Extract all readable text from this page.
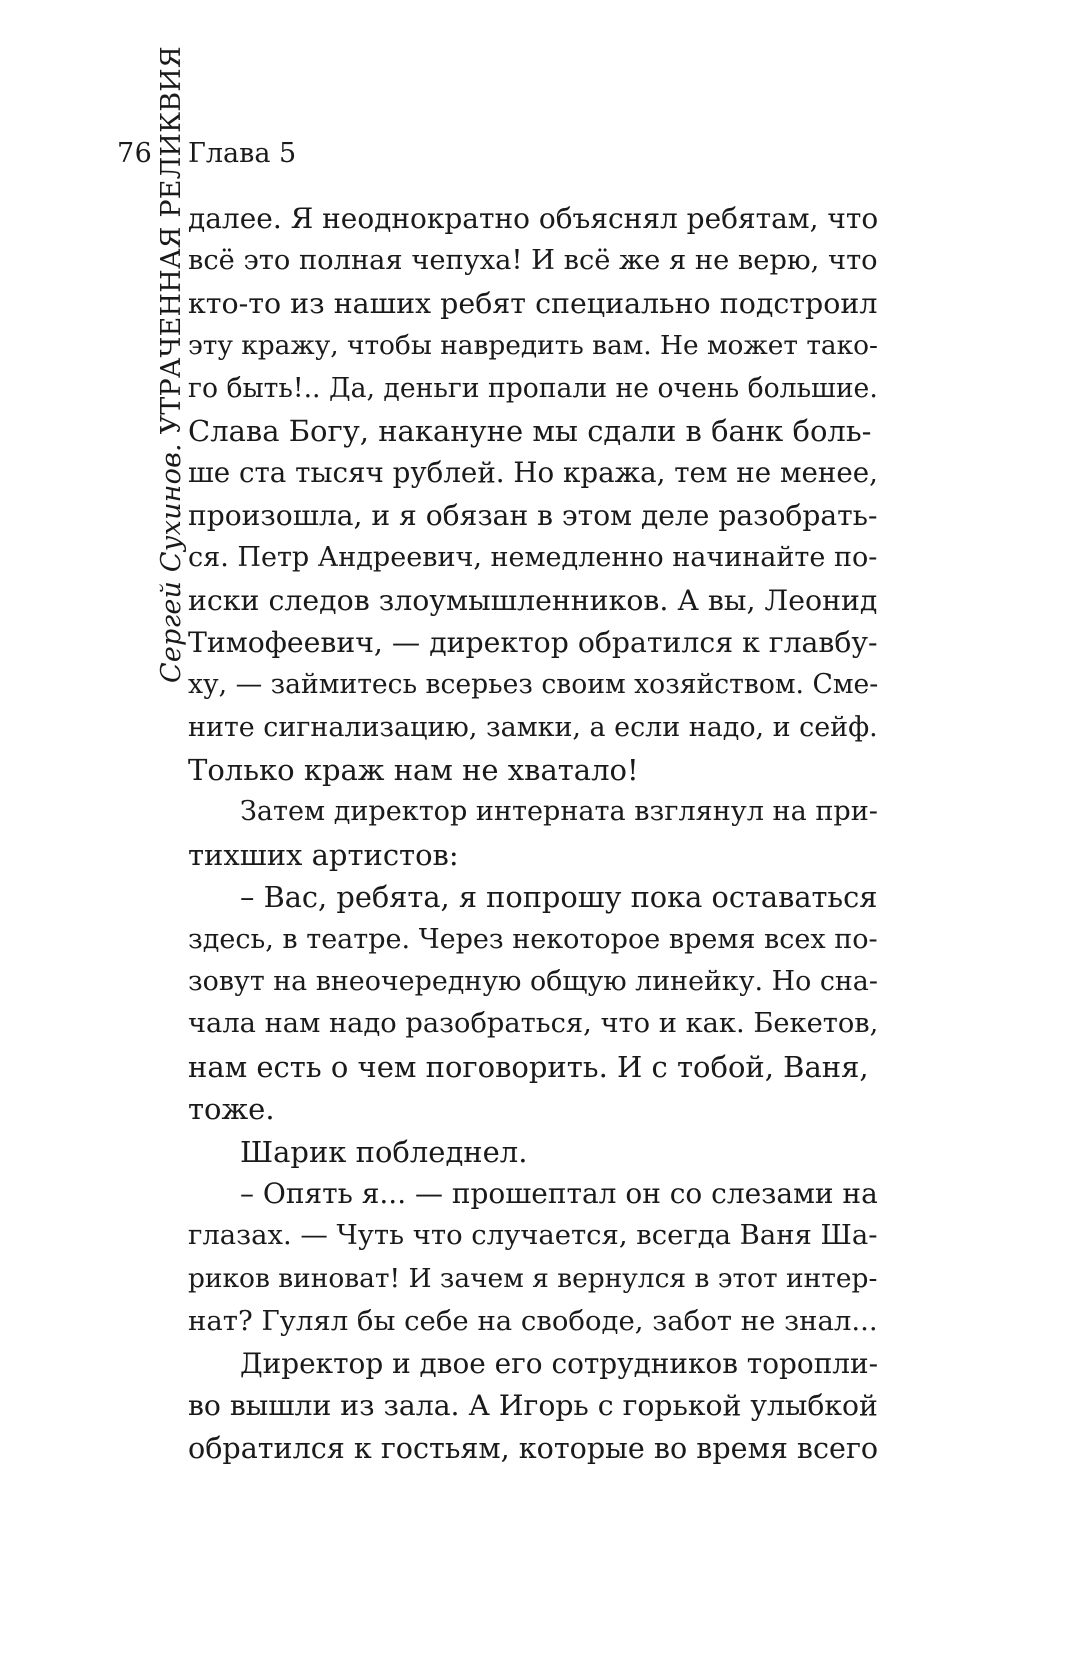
76 Глава 5
Сергей Сухинов. УТРАЧЕННАЯ РЕЛИКВИЯ далее. Я неоднократно объяснял ребятам, что
всё это полная чепуха! И всё же я не верю, что
кто-то из наших ребят специально подстроил
эту кражу, чтобы навредить вам. Не может тако-
го быть!.. Да, деньги пропали не очень большие.
Слава Богу, накануне мы сдали в банк боль-
ше ста тысяч рублей. Но кража, тем не менее,
произошла, и я обязан в этом деле разобрать-
ся. Петр Андреевич, немедленно начинайте по-
иски следов злоумышленников. А вы, Леонид
Тимофеевич, — директор обратился к главбу-
ху, — займитесь всерьез своим хозяйством. Сме-
ните сигнализацию, замки, а если надо, и сейф.
Только краж нам не хватало!
Затем директор интерната взглянул на при-
тихших артистов:
– Вас, ребята, я попрошу пока оставаться
здесь, в театре. Через некоторое время всех по-
зовут на внеочередную общую линейку. Но сна-
чала нам надо разобраться, что и как. Бекетов,
нам есть о чем поговорить. И с тобой, Ваня,
тоже.
Шарик побледнел.
– Опять я... — прошептал он со слезами на
глазах. — Чуть что случается, всегда Ваня Ша-
риков виноват! И зачем я вернулся в этот интер-
нат? Гулял бы себе на свободе, забот не знал...
Директор и двое его сотрудников торопли-
во вышли из зала. А Игорь с горькой улыбкой
обратился к гостьям, которые во время всего
